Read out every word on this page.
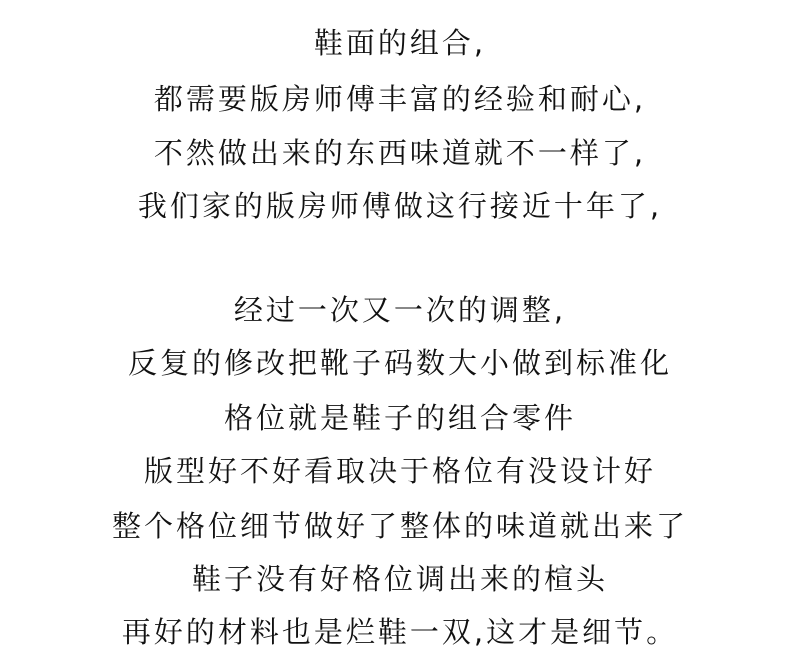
鞋面的组合,
都需要版房师傅丰富的经验和耐心,
不然做出来的东西味道就不一样了,
我们家的版房师傅做这行接近十年了,
经过一次又一次的调整,
反复的修改把靴子码数大小做到标准化
格位就是鞋子的组合零件
版型好不好看取决于格位有没设计好
整个格位细节做好了整体的味道就出来了
鞋子没有好格位调出来的楦头
再好的材料也是烂鞋一双,这才是细节。
